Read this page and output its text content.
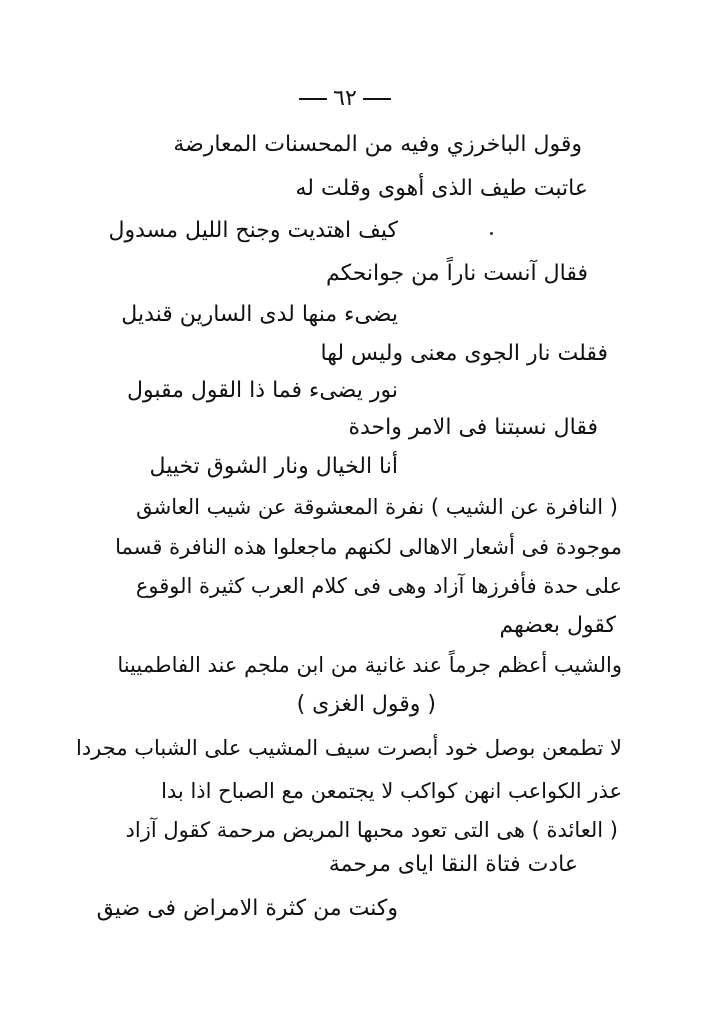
٦٢
وقول الباخرزي وفيه من المحسنات المعارضة
عاتبت طيف الذى أهوى وقلت له
كيف اهتديت وجنح الليل مسدول
فقال آنست ناراً من جوانحكم
يضىء منها لدى السارين قنديل
فقلت نار الجوى معنى وليس لها
نور يضىء فما ذا القول مقبول
فقال نسبتنا فى الامر واحدة
أنا الخيال ونار الشوق تخييل
( النافرة عن الشيب ) نفرة المعشوقة عن شيب العاشق
موجودة فى أشعار الاهالى لكنهم ماجعلوا هذه النافرة قسما
على حدة فأفرزها آزاد وهى فى كلام العرب كثيرة الوقوع
كقول بعضهم
والشيب أعظم جرماً عند غانية من ابن ملجم عند الفاطميينا
( وقول الغزى )
لا تطمعن بوصل خود أبصرت سيف المشيب على الشباب مجردا
عذر الكواعب انهن كواكب لا يجتمعن مع الصباح اذا بدا
( العائدة ) هى التى تعود محبها المريض مرحمة كقول آزاد
عادت فتاة النقا اياى مرحمة
وكنت من كثرة الامراض فى ضيق
